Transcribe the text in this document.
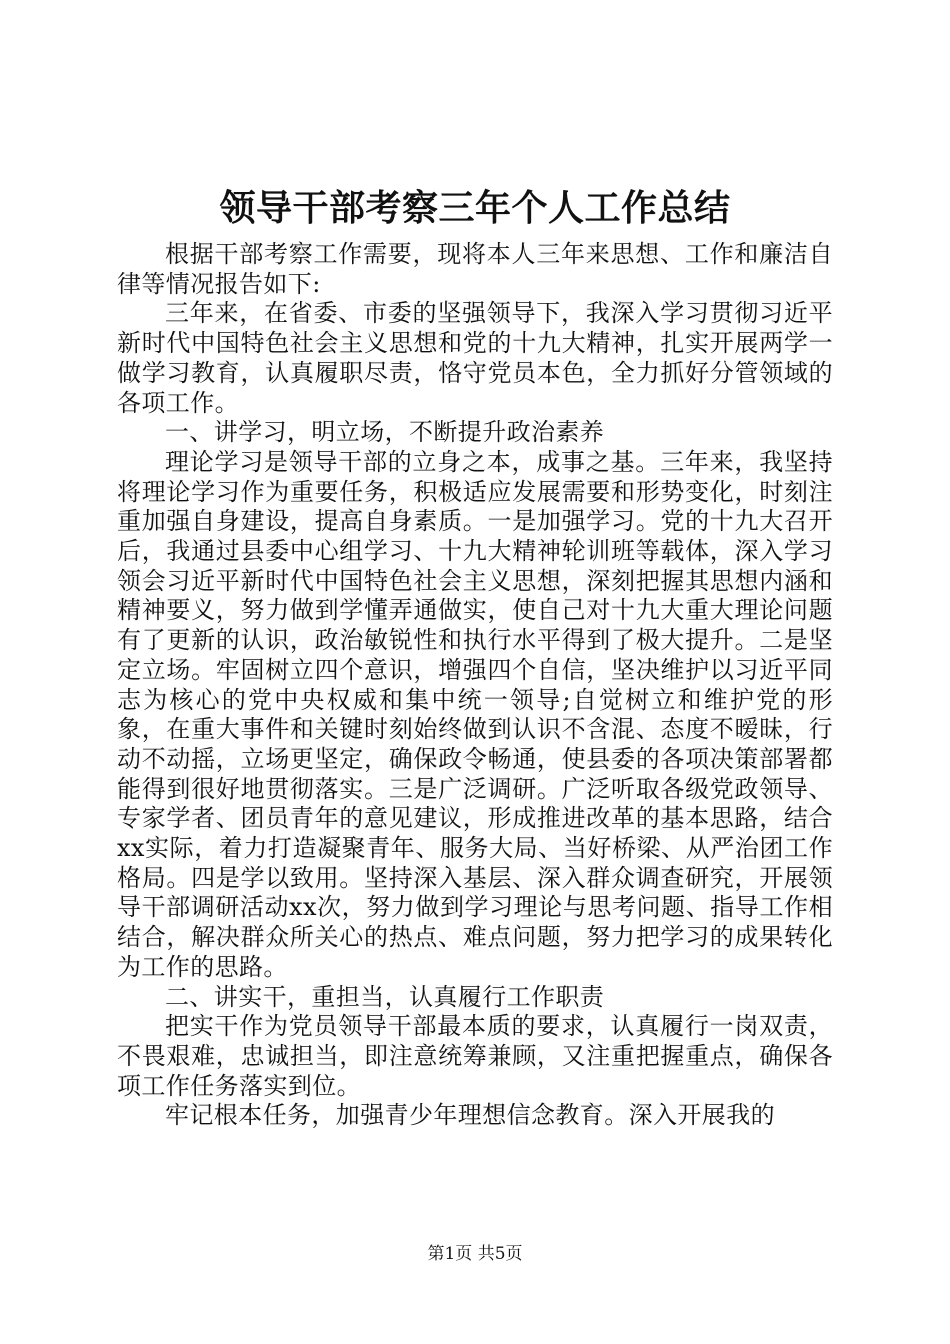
领导干部考察三年个人工作总结

根据干部考察工作需要，现将本人三年来思想、工作和廉洁自律等情况报告如下:

三年来，在省委、市委的坚强领导下，我深入学习贯彻习近平新时代中国特色社会主义思想和党的十九大精神，扎实开展两学一做学习教育，认真履职尽责，恪守党员本色，全力抓好分管领域的各项工作。

一、讲学习，明立场，不断提升政治素养

理论学习是领导干部的立身之本，成事之基。三年来，我坚持将理论学习作为重要任务，积极适应发展需要和形势变化，时刻注重加强自身建设，提高自身素质。一是加强学习。党的十九大召开后，我通过县委中心组学习、十九大精神轮训班等载体，深入学习领会习近平新时代中国特色社会主义思想，深刻把握其思想内涵和精神要义，努力做到学懂弄通做实，使自己对十九大重大理论问题有了更新的认识，政治敏锐性和执行水平得到了极大提升。二是坚定立场。牢固树立四个意识，增强四个自信，坚决维护以习近平同志为核心的党中央权威和集中统一领导;自觉树立和维护党的形象，在重大事件和关键时刻始终做到认识不含混、态度不暧昧，行动不动摇，立场更坚定，确保政令畅通，使县委的各项决策部署都能得到很好地贯彻落实。三是广泛调研。广泛听取各级党政领导、专家学者、团员青年的意见建议，形成推进改革的基本思路，结合xx实际，着力打造凝聚青年、服务大局、当好桥梁、从严治团工作格局。四是学以致用。坚持深入基层、深入群众调查研究，开展领导干部调研活动xx次，努力做到学习理论与思考问题、指导工作相结合，解决群众所关心的热点、难点问题，努力把学习的成果转化为工作的思路。

二、讲实干，重担当，认真履行工作职责

把实干作为党员领导干部最本质的要求，认真履行一岗双责，不畏艰难，忠诚担当，即注意统筹兼顾，又注重把握重点，确保各项工作任务落实到位。

牢记根本任务，加强青少年理想信念教育。深入开展我的

第1页 共5页
